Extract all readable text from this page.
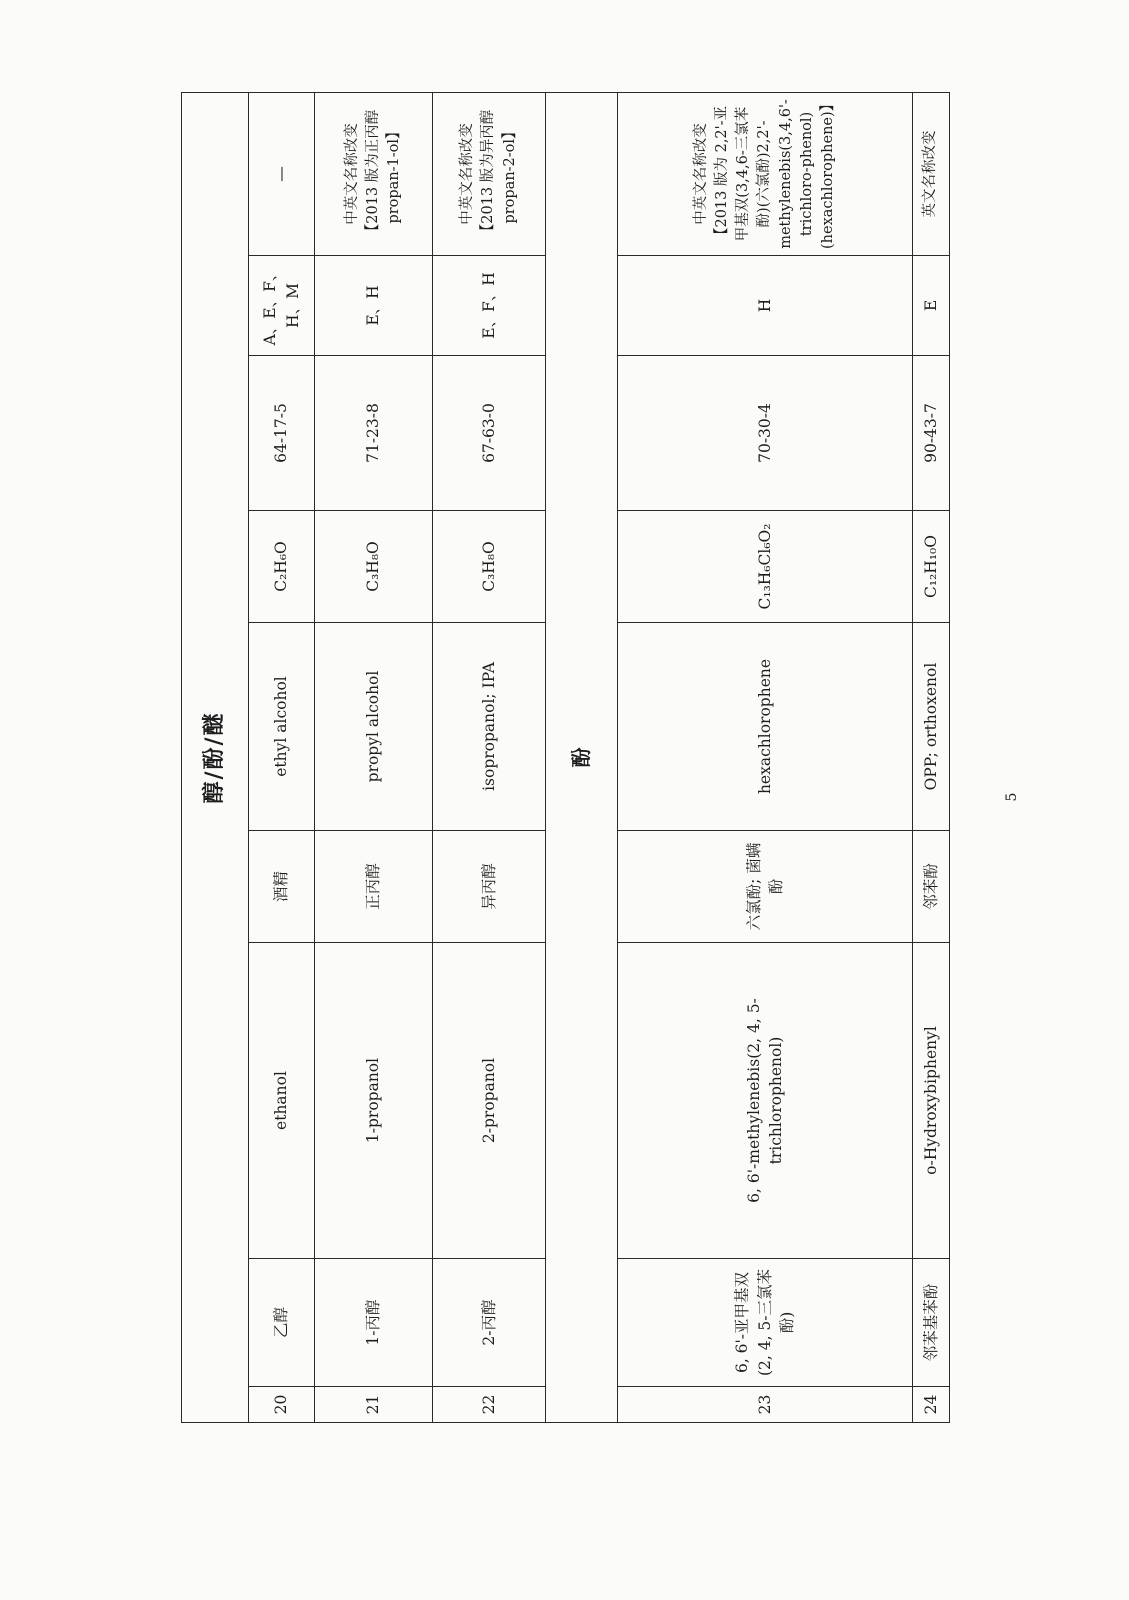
醇/酚/醚								
20	乙醇	ethanol	酒精	ethyl alcohol	C₂H₆O	64-17-5	A、E、F、H、M	—
21	1-丙醇	1-propanol	正丙醇	propyl alcohol	C₃H₈O	71-23-8	E、H	中英文名称改变【2013 版为正丙醇 propan-1-ol】
22	2-丙醇	2-propanol	异丙醇	isopropanol; IPA	C₃H₈O	67-63-0	E、F、H	中英文名称改变【2013 版为异丙醇 propan-2-ol】
酚								
23	6, 6'-亚甲基双(2, 4, 5-三氯苯酚)	6, 6'-methylenebis(2, 4, 5-trichlorophenol)	六氯酚; 菌螨酚	hexachlorophene	C₁₃H₆Cl₆O₂	70-30-4	H	中英文名称改变【2013 版为 2,2'-亚甲基双(3,4,6-三氯苯酚)(六氯酚)2,2'-methylenebis(3,4,6'-trichloro-phenol)(hexachlorophene)】
24	邻苯基苯酚	o-Hydroxybiphenyl	邻苯酚	OPP; orthoxenol	C₁₂H₁₀O	90-43-7	E	英文名称改变
5
